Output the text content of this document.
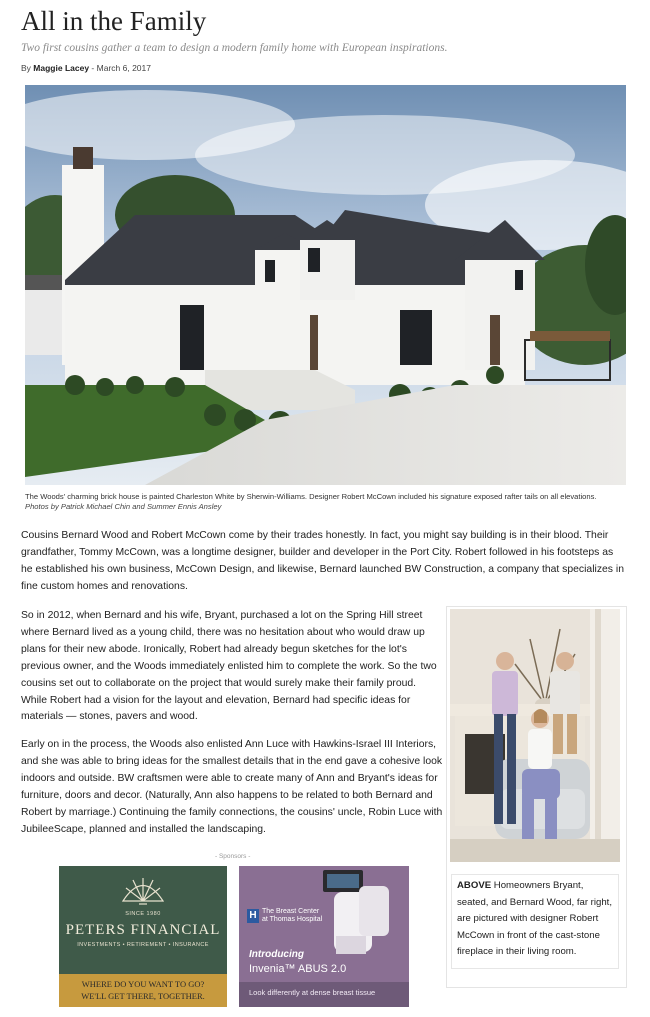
All in the Family
Two first cousins gather a team to design a modern family home with European inspirations.
By Maggie Lacey - March 6, 2017
The Woods' charming brick house is painted Charleston White by Sherwin-Williams. Designer Robert McCown included his signature exposed rafter tails on all elevations.
Photos by Patrick Michael Chin and Summer Ennis Ansley

Cousins Bernard Wood and Robert McCown come by their trades honestly. In fact, you might say building is in their blood. Their grandfather, Tommy McCown, was a longtime designer, builder and developer in the Port City. Robert followed in his footsteps as he established his own business, McCown Design, and likewise, Bernard launched BW Construction, a company that specializes in fine custom homes and renovations.

So in 2012, when Bernard and his wife, Bryant, purchased a lot on the Spring Hill street where Bernard lived as a young child, there was no hesitation about who would draw up plans for their new abode. Ironically, Robert had already begun sketches for the lot's previous owner, and the Woods immediately enlisted him to complete the work. So the two cousins set out to collaborate on the project that would surely make their family proud. While Robert had a vision for the layout and elevation, Bernard had specific ideas for materials — stones, pavers and wood.

Early on in the process, the Woods also enlisted Ann Luce with Hawkins-Israel III Interiors, and she was able to bring ideas for the smallest details that in the end gave a cohesive look indoors and outside. BW craftsmen were able to create many of Ann and Bryant's ideas for furniture, doors and decor. (Naturally, Ann also happens to be related to both Bernard and Robert by marriage.) Continuing the family connections, the cousins' uncle, Robin Luce with JubileeScape, planned and installed the landscaping.

ABOVE Homeowners Bryant, seated, and Bernard Wood, far right, are pictured with designer Robert McCown in front of the cast-stone fireplace in their living room.
- Sponsors -
SINCE 1980
PETERS FINANCIAL
INVESTMENTS • RETIREMENT • INSURANCE
WHERE DO YOU WANT TO GO?
WE'LL GET THERE, TOGETHER.
H The Breast Center
at Thomas Hospital
Introducing
Invenia™ ABUS 2.0
Look differently at dense breast tissue
